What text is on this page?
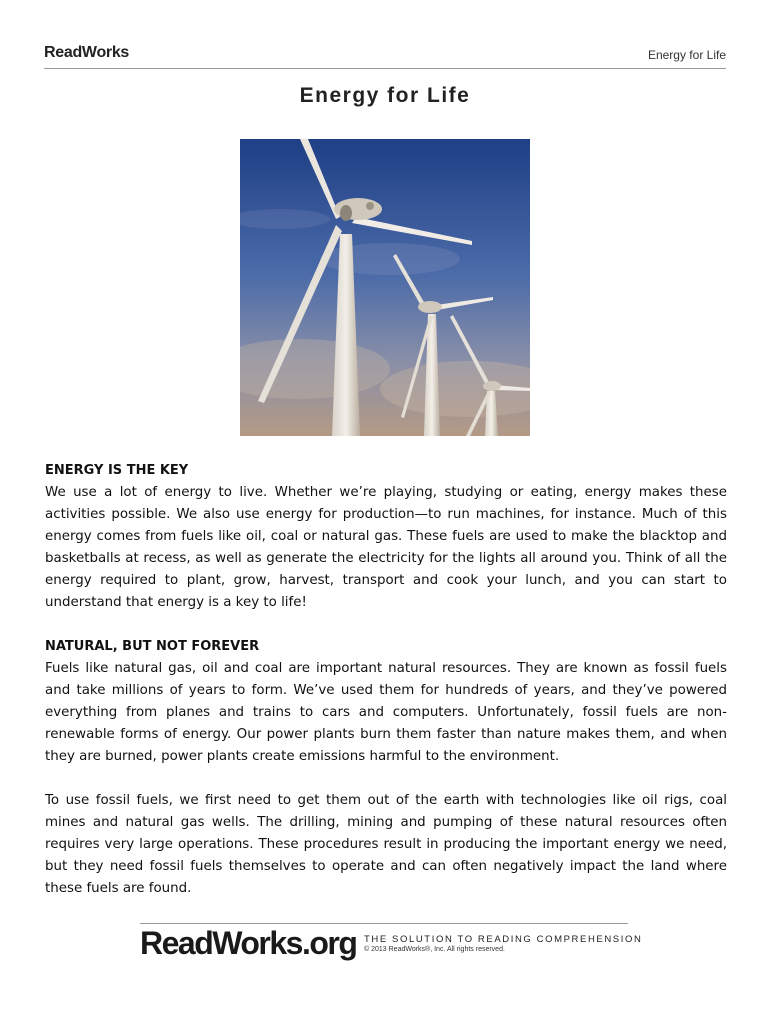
ReadWorks	Energy for Life
Energy for Life

ENERGY IS THE KEY

We use a lot of energy to live. Whether we’re playing, studying or eating, energy makes these activities possible. We also use energy for production—to run machines, for instance. Much of this energy comes from fuels like oil, coal or natural gas. These fuels are used to make the blacktop and basketballs at recess, as well as generate the electricity for the lights all around you. Think of all the energy required to plant, grow, harvest, transport and cook your lunch, and you can start to understand that energy is a key to life!

NATURAL, BUT NOT FOREVER

Fuels like natural gas, oil and coal are important natural resources. They are known as fossil fuels and take millions of years to form. We’ve used them for hundreds of years, and they’ve powered everything from planes and trains to cars and computers. Unfortunately, fossil fuels are non-renewable forms of energy. Our power plants burn them faster than nature makes them, and when they are burned, power plants create emissions harmful to the environment.

To use fossil fuels, we first need to get them out of the earth with technologies like oil rigs, coal mines and natural gas wells. The drilling, mining and pumping of these natural resources often requires very large operations. These procedures result in producing the important energy we need, but they need fossil fuels themselves to operate and can often negatively impact the land where these fuels are found.

ReadWorks.org THE SOLUTION TO READING COMPREHENSION
© 2013 ReadWorks®, Inc. All rights reserved.
